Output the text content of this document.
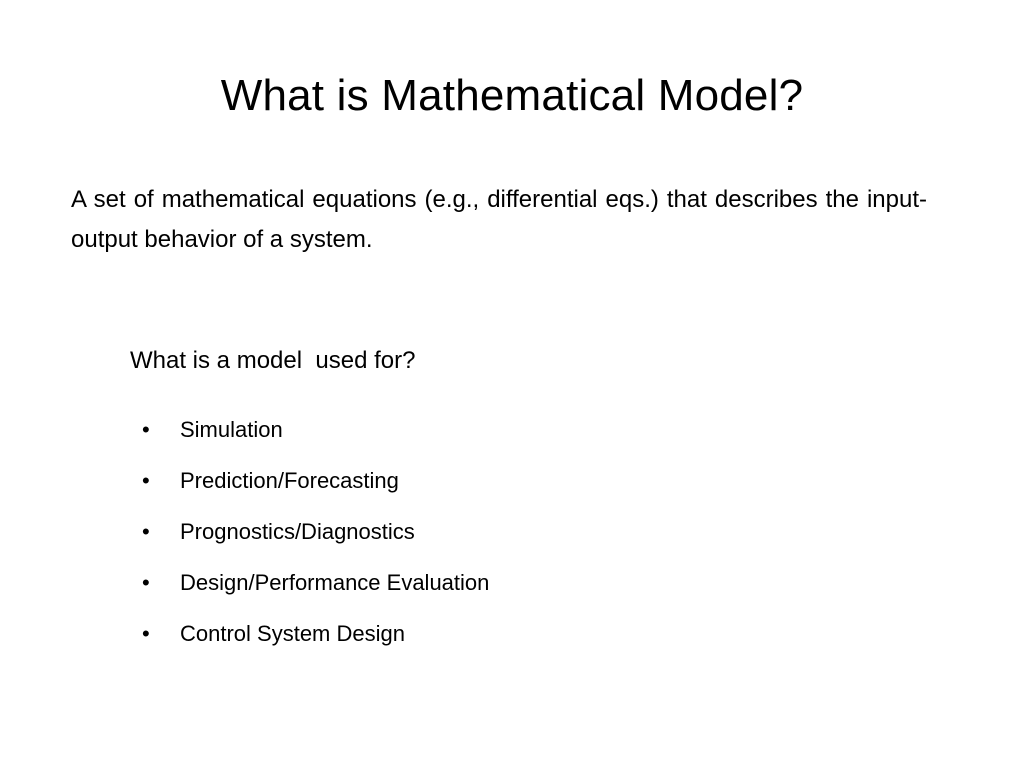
What is Mathematical Model?
A set of mathematical equations (e.g., differential eqs.) that describes the input-output behavior of a system.
What is a model  used for?
•	Simulation
•	Prediction/Forecasting
•	Prognostics/Diagnostics
•	Design/Performance Evaluation
•	Control System Design
